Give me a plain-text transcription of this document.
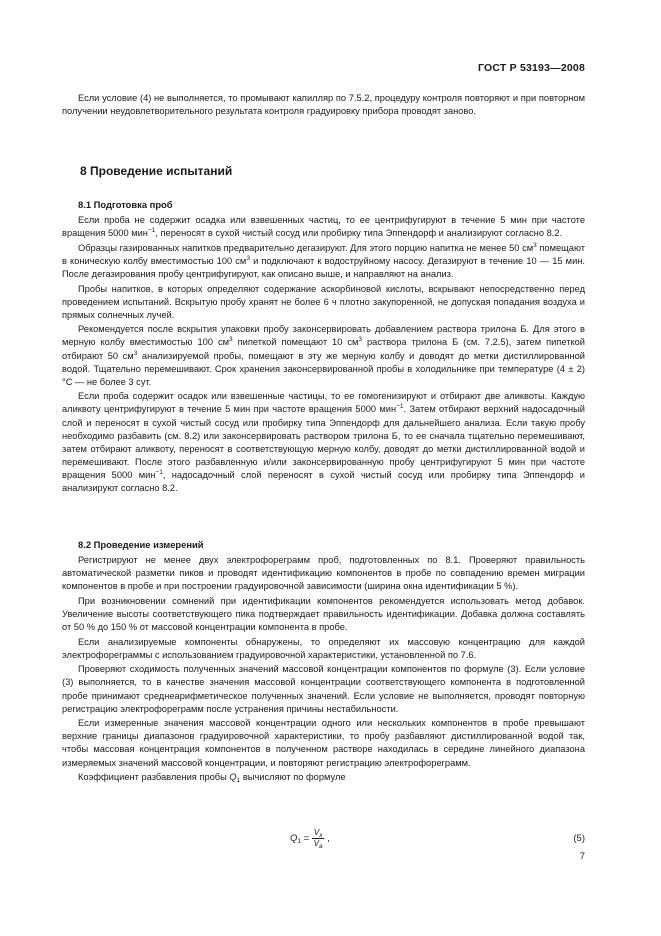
ГОСТ Р 53193—2008

Если условие (4) не выполняется, то промывают капилляр по 7.5.2, процедуру контроля повторяют и при повторном получении неудовлетворительного результата контроля градуировку прибора проводят заново.

8 Проведение испытаний

8.1 Подготовка проб

Если проба не содержит осадка или взвешенных частиц, то ее центрифугируют в течение 5 мин при частоте вращения 5000 мин$^{-1}$, переносят в сухой чистый сосуд или пробирку типа Эппендорф и анализируют согласно 8.2.

Образцы газированных напитков предварительно дегазируют. Для этого порцию напитка не менее 50 $см^3$ помещают в коническую колбу вместимостью 100 $см^3$ и подключают к водоструйному насосу. Дегазируют в течение 10 — 15 мин. После дегазирования пробу центрифугируют, как описано выше, и направляют на анализ.

Пробы напитков, в которых определяют содержание аскорбиновой кислоты, вскрывают непосредственно перед проведением испытаний. Вскрытую пробу хранят не более 6 ч плотно закупоренной, не допуская попадания воздуха и прямых солнечных лучей.

Рекомендуется после вскрытия упаковки пробу законсервировать добавлением раствора трилона Б. Для этого в мерную колбу вместимостью 100 $см^3$ пипеткой помещают 10 $см^3$ раствора трилона Б (см. 7.2.5), затем пипеткой отбирают 50 $см^3$ анализируемой пробы, помещают в эту же мерную колбу и доводят до метки дистиллированной водой. Тщательно перемешивают. Срок хранения законсервированной пробы в холодильнике при температуре (4 ± 2) °С — не более 3 сут.

Если проба содержит осадок или взвешенные частицы, то ее гомогенизируют и отбирают две аликвоты. Каждую аликвоту центрифугируют в течение 5 мин при частоте вращения 5000 мин$^{-1}$. Затем отбирают верхний надосадочный слой и переносят в сухой чистый сосуд или пробирку типа Эппендорф для дальнейшего анализа. Если такую пробу необходимо разбавить (см. 8.2) или законсервировать раствором трилона Б, то ее сначала тщательно перемешивают, затем отбирают аликвоту, переносят в соответствующую мерную колбу, доводят до метки дистиллированной водой и перемешивают. После этого разбавленную и/или законсервированную пробу центрифугируют 5 мин при частоте вращения 5000 мин$^{-1}$, надосадочный слой переносят в сухой чистый сосуд или пробирку типа Эппендорф и анализируют согласно 8.2.

8.2 Проведение измерений

Регистрируют не менее двух электрофореграмм проб, подготовленных по 8.1. Проверяют правильность автоматической разметки пиков и проводят идентификацию компонентов в пробе по совпадению времен миграции компонентов в пробе и при построении градуировочной зависимости (ширина окна идентификации 5 %).

При возникновении сомнений при идентификации компонентов рекомендуется использовать метод добавок. Увеличение высоты соответствующего пика подтверждает правильность идентификации. Добавка должна составлять от 50 % до 150 % от массовой концентрации компонента в пробе.

Если анализируемые компоненты обнаружены, то определяют их массовую концентрацию для каждой электрофореграммы с использованием градуировочной характеристики, установленной по 7.6.

Проверяют сходимость полученных значений массовой концентрации компонентов по формуле (3). Если условие (3) выполняется, то в качестве значения массовой концентрации соответствующего компонента в подготовленной пробе принимают среднеарифметическое полученных значений. Если условие не выполняется, проводят повторную регистрацию электрофореграмм после устранения причины нестабильности.

Если измеренные значения массовой концентрации одного или нескольких компонентов в пробе превышают верхние границы диапазонов градуировочной характеристики, то пробу разбавляют дистиллированной водой так, чтобы массовая концентрация компонентов в полученном растворе находилась в середине линейного диапазона измеряемых значений массовой концентрации, и повторяют регистрацию электрофореграмм.

Коэффициент разбавления пробы $Q_1$ вычисляют по формуле

$Q_1 = \frac{V_x}{V_a}$ ,	(5)
7
